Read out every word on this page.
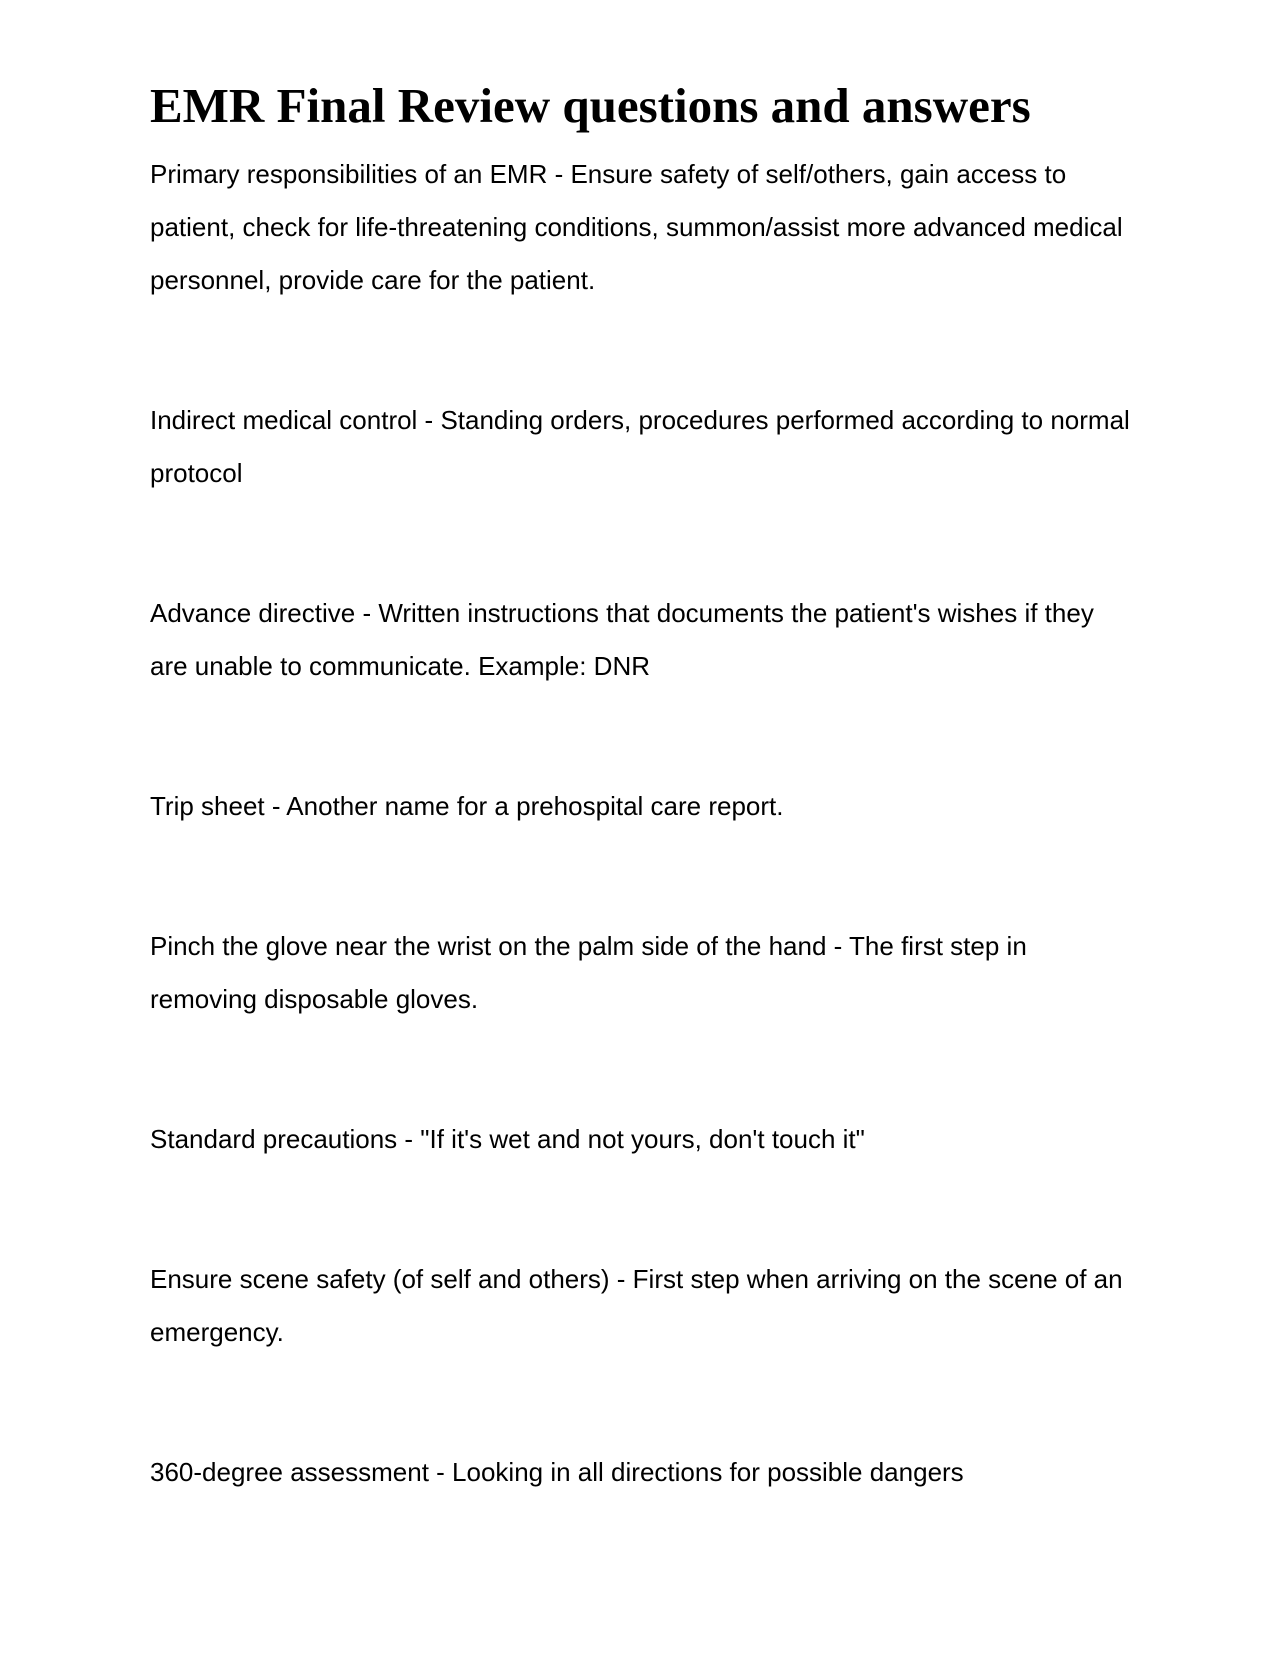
EMR Final Review questions and answers
Primary responsibilities of an EMR - Ensure safety of self/others, gain access to patient, check for life-threatening conditions, summon/assist more advanced medical personnel, provide care for the patient.
Indirect medical control - Standing orders, procedures performed according to normal protocol
Advance directive - Written instructions that documents the patient's wishes if they are unable to communicate. Example: DNR
Trip sheet - Another name for a prehospital care report.
Pinch the glove near the wrist on the palm side of the hand - The first step in removing disposable gloves.
Standard precautions - "If it's wet and not yours, don't touch it"
Ensure scene safety (of self and others) - First step when arriving on the scene of an emergency.
360-degree assessment - Looking in all directions for possible dangers
